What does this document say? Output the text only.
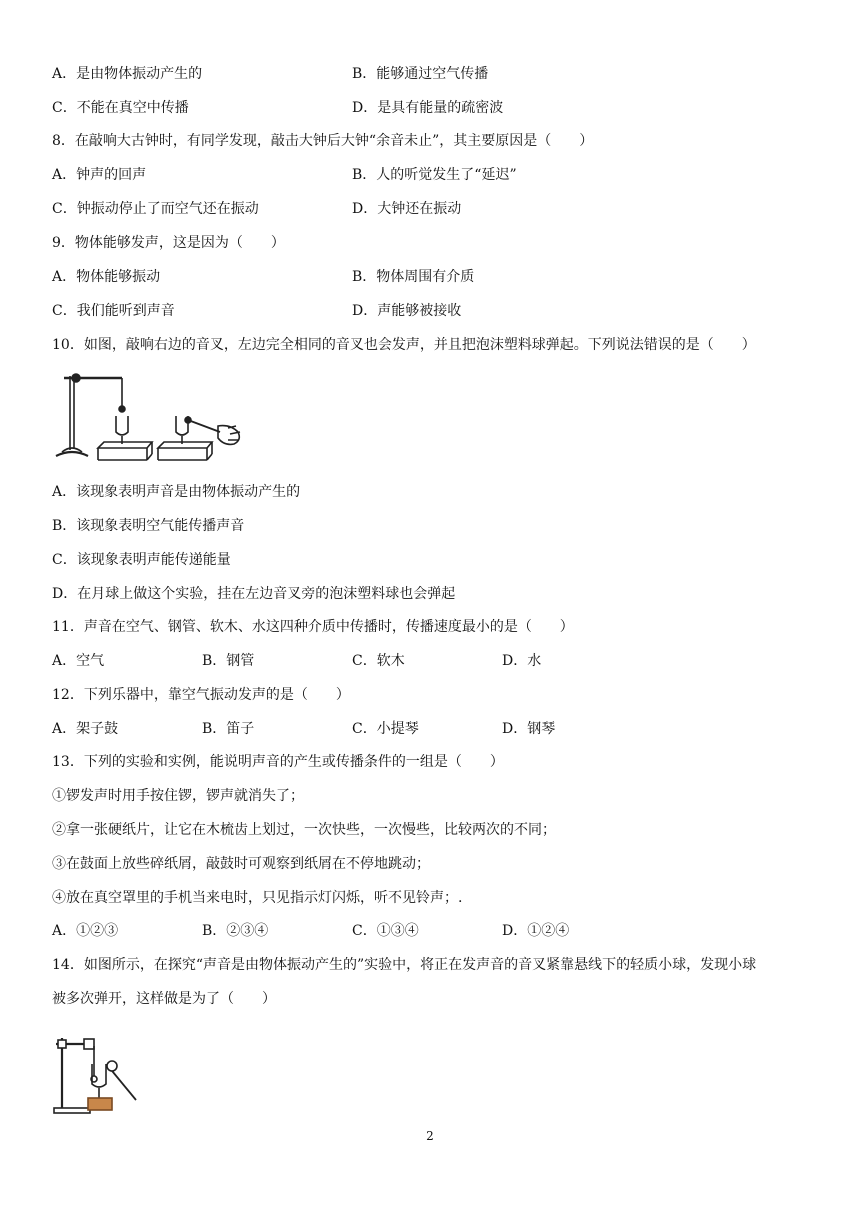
A．是由物体振动产生的	B．能够通过空气传播
C．不能在真空中传播	D．是具有能量的疏密波
8．在敲响大古钟时，有同学发现，敲击大钟后大钟“余音未止”，其主要原因是（　　）
A．钟声的回声	B．人的听觉发生了“延迟”
C．钟振动停止了而空气还在振动	D．大钟还在振动
9．物体能够发声，这是因为（　　）
A．物体能够振动	B．物体周围有介质
C．我们能听到声音	D．声能够被接收
10．如图，敲响右边的音叉，左边完全相同的音叉也会发声，并且把泡沫塑料球弹起。下列说法错误的是（　　）
A．该现象表明声音是由物体振动产生的
B．该现象表明空气能传播声音
C．该现象表明声能传递能量
D．在月球上做这个实验，挂在左边音叉旁的泡沫塑料球也会弹起
11．声音在空气、钢管、软木、水这四种介质中传播时，传播速度最小的是（　　）
A．空气	B．钢管	C．软木	D．水
12．下列乐器中，靠空气振动发声的是（　　）
A．架子鼓	B．笛子	C．小提琴	D．钢琴
13．下列的实验和实例，能说明声音的产生或传播条件的一组是（　　）
①锣发声时用手按住锣，锣声就消失了；
②拿一张硬纸片，让它在木梳齿上划过，一次快些，一次慢些，比较两次的不同；
③在鼓面上放些碎纸屑，敲鼓时可观察到纸屑在不停地跳动；
④放在真空罩里的手机当来电时，只见指示灯闪烁，听不见铃声；.
A．①②③	B．②③④	C．①③④	D．①②④
14．如图所示，在探究“声音是由物体振动产生的”实验中，将正在发声音的音叉紧靠悬线下的轻质小球，发现小球
被多次弹开，这样做是为了（　　）
2
